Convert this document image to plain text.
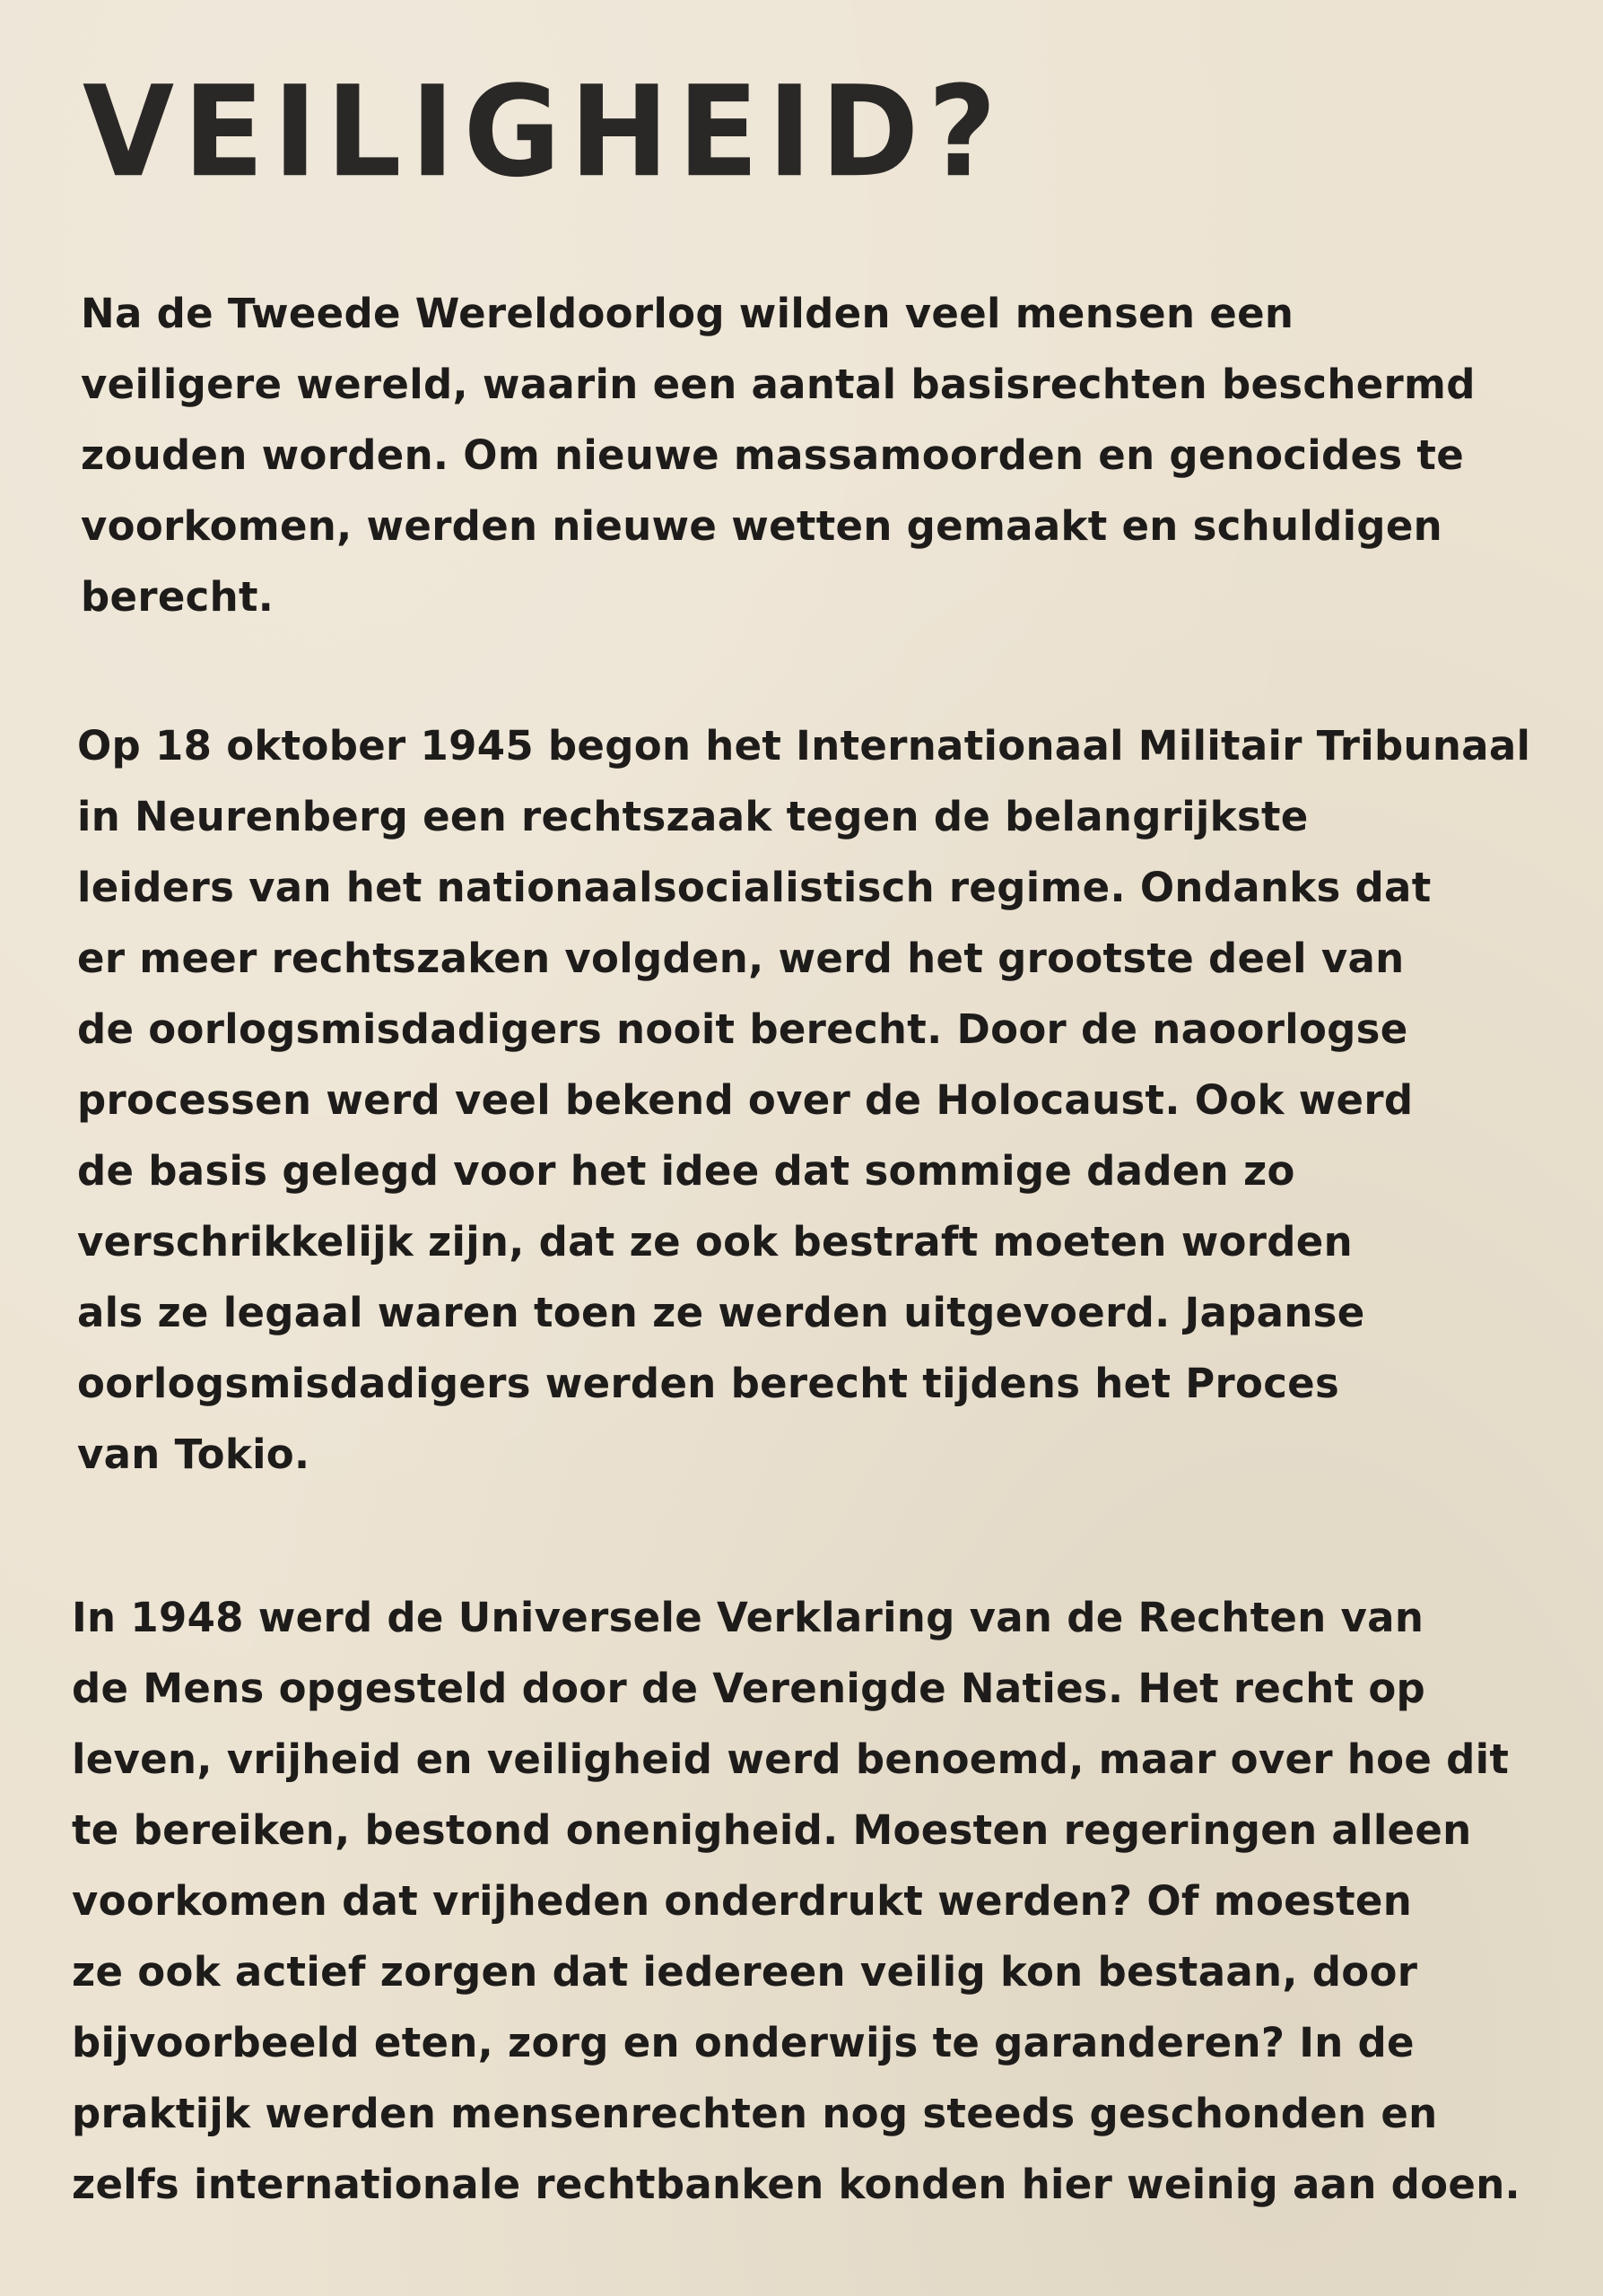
VEILIGHEID?

Na de Tweede Wereldoorlog wilden veel mensen een
veiligere wereld, waarin een aantal basisrechten beschermd
zouden worden. Om nieuwe massamoorden en genocides te
voorkomen, werden nieuwe wetten gemaakt en schuldigen
berecht.

Op 18 oktober 1945 begon het Internationaal Militair Tribunaal
in Neurenberg een rechtszaak tegen de belangrijkste
leiders van het nationaalsocialistisch regime. Ondanks dat
er meer rechtszaken volgden, werd het grootste deel van
de oorlogsmisdadigers nooit berecht. Door de naoorlogse
processen werd veel bekend over de Holocaust. Ook werd
de basis gelegd voor het idee dat sommige daden zo
verschrikkelijk zijn, dat ze ook bestraft moeten worden
als ze legaal waren toen ze werden uitgevoerd. Japanse
oorlogsmisdadigers werden berecht tijdens het Proces
van Tokio.

In 1948 werd de Universele Verklaring van de Rechten van
de Mens opgesteld door de Verenigde Naties. Het recht op
leven, vrijheid en veiligheid werd benoemd, maar over hoe dit
te bereiken, bestond onenigheid. Moesten regeringen alleen
voorkomen dat vrijheden onderdrukt werden? Of moesten
ze ook actief zorgen dat iedereen veilig kon bestaan, door
bijvoorbeeld eten, zorg en onderwijs te garanderen? In de
praktijk werden mensenrechten nog steeds geschonden en
zelfs internationale rechtbanken konden hier weinig aan doen.
